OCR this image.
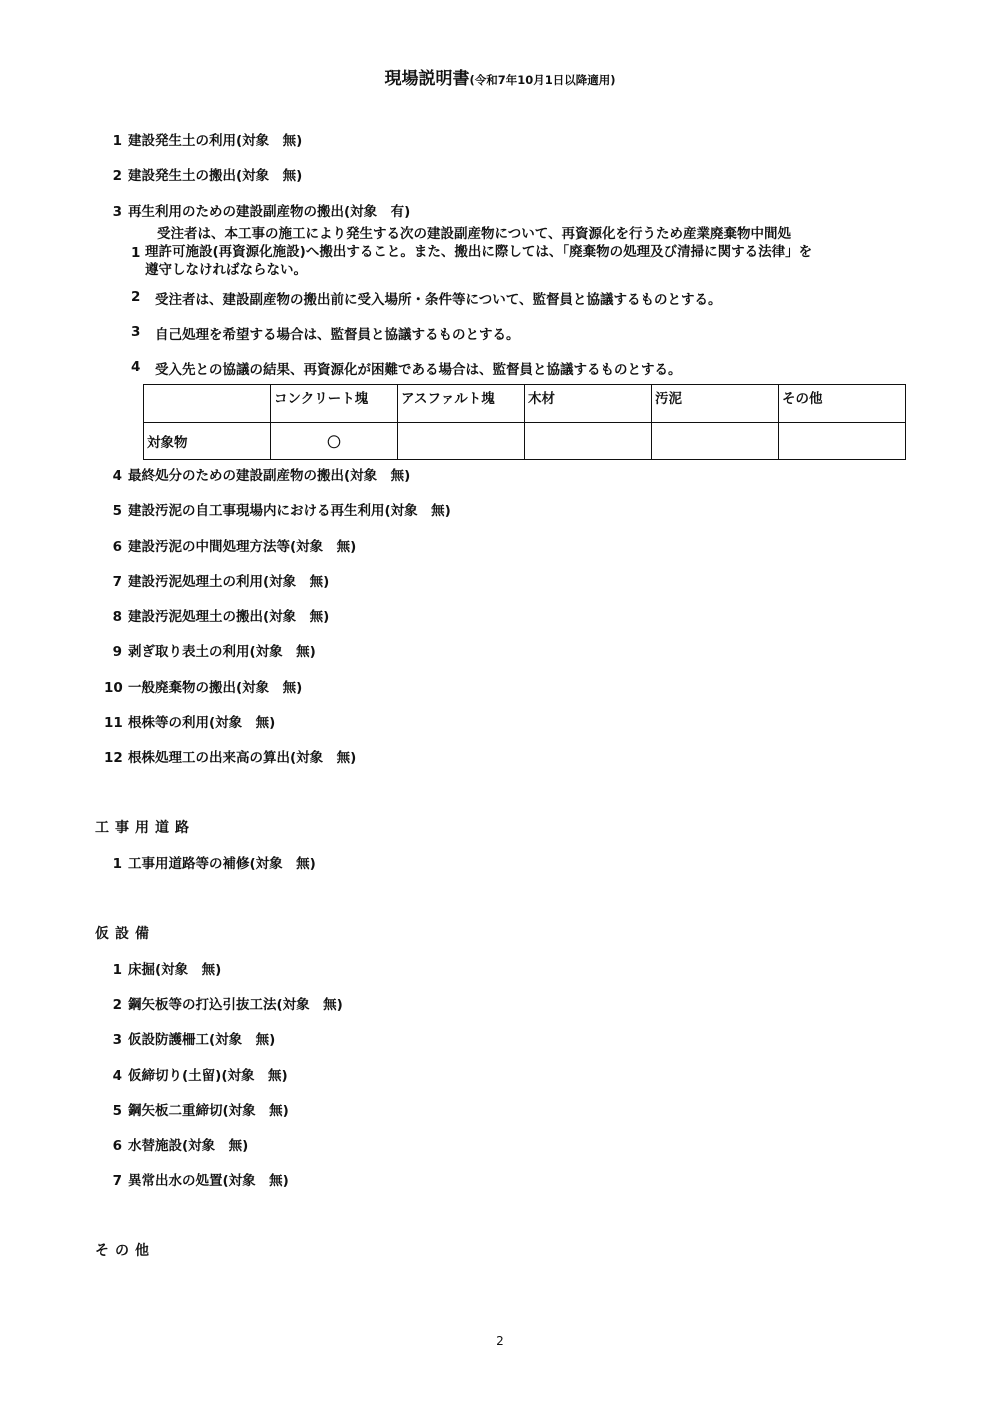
現場説明書(令和7年10月1日以降適用)
1 建設発生土の利用(対象　無)
2 建設発生土の搬出(対象　無)
3 再生利用のための建設副産物の搬出(対象　有)
受注者は、本工事の施工により発生する次の建設副産物について、再資源化を行うため産業廃棄物中間処
1 理許可施設(再資源化施設)へ搬出すること。また、搬出に際しては、「廃棄物の処理及び清掃に関する法律」を
遵守しなければならない。
2 受注者は、建設副産物の搬出前に受入場所・条件等について、監督員と協議するものとする。
3 自己処理を希望する場合は、監督員と協議するものとする。
4 受入先との協議の結果、再資源化が困難である場合は、監督員と協議するものとする。
	コンクリート塊	アスファルト塊	木材	汚泥	その他
対象物	〇				
4 最終処分のための建設副産物の搬出(対象　無)
5 建設汚泥の自工事現場内における再生利用(対象　無)
6 建設汚泥の中間処理方法等(対象　無)
7 建設汚泥処理土の利用(対象　無)
8 建設汚泥処理土の搬出(対象　無)
9 剥ぎ取り表土の利用(対象　無)
10 一般廃棄物の搬出(対象　無)
11 根株等の利用(対象　無)
12 根株処理工の出来高の算出(対象　無)
工事用道路
1 工事用道路等の補修(対象　無)
仮設備
1 床掘(対象　無)
2 鋼矢板等の打込引抜工法(対象　無)
3 仮設防護柵工(対象　無)
4 仮締切り(土留)(対象　無)
5 鋼矢板二重締切(対象　無)
6 水替施設(対象　無)
7 異常出水の処置(対象　無)
その他
2
